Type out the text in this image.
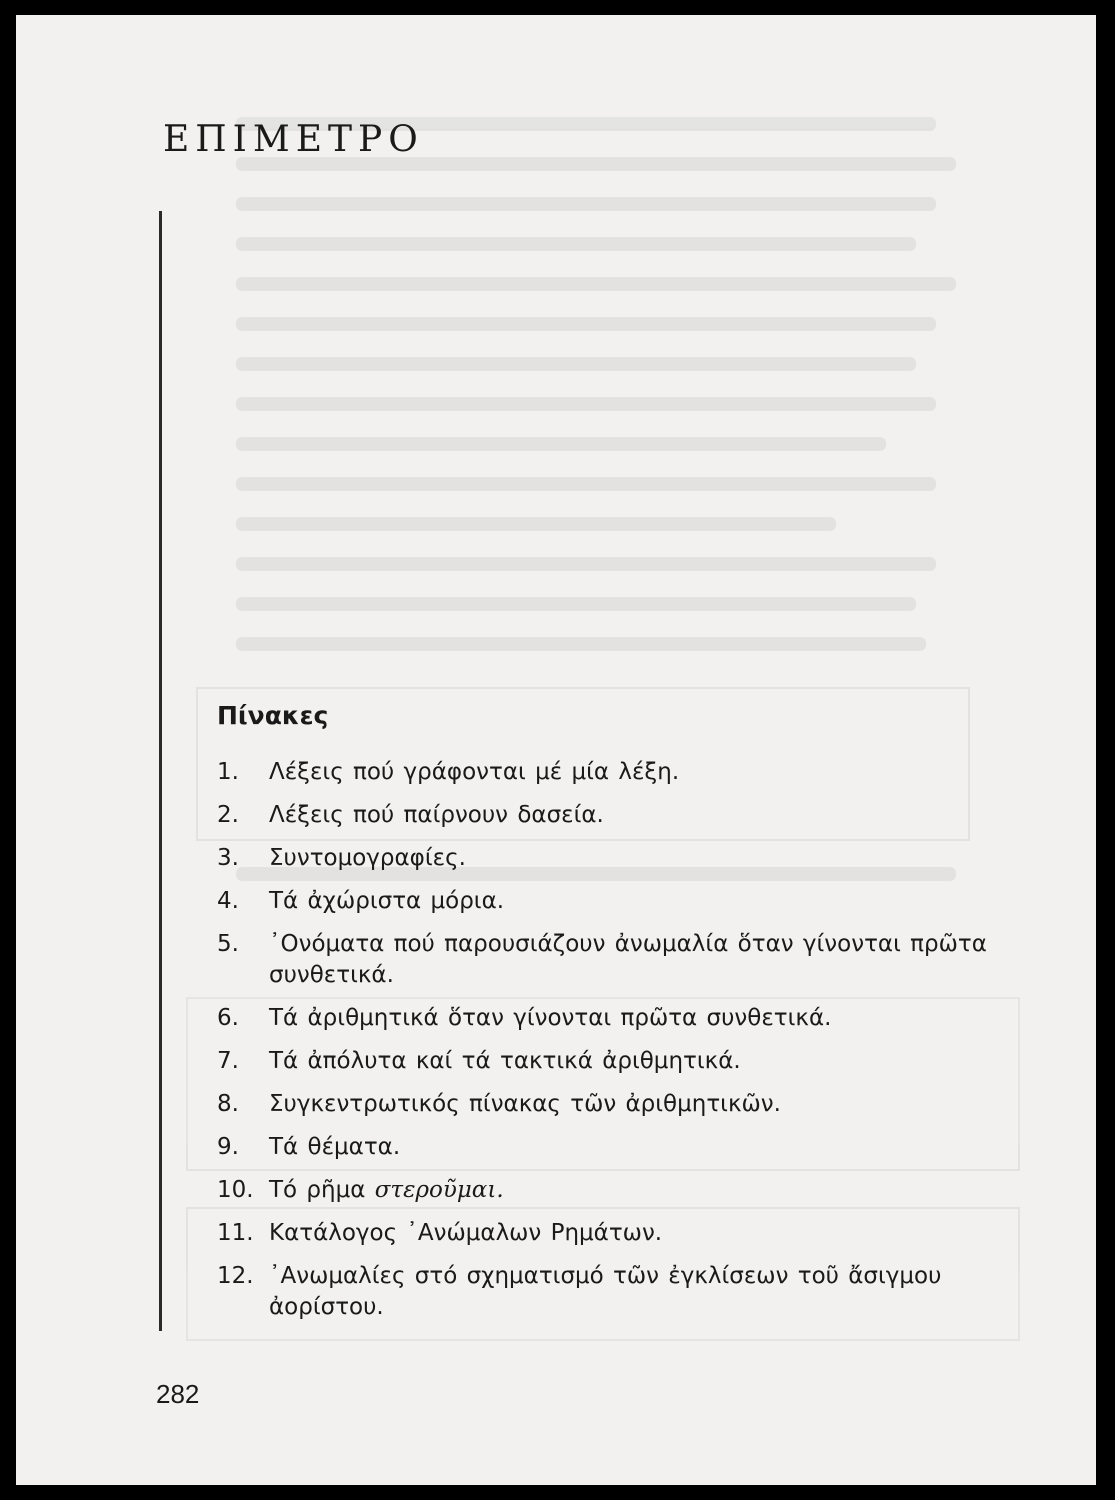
ΕΠΙΜΕΤΡΟ
Πίνακες
1.	Λέξεις πού γράφονται μέ μία λέξη.
2.	Λέξεις πού παίρνουν δασεία.
3.	Συντομογραφίες.
4.	Τά ἀχώριστα μόρια.
5.	᾿Ονόματα πού παρουσιάζουν ἀνωμαλία ὅταν γίνονται πρῶτα συνθετικά.
6.	Τά ἀριθμητικά ὅταν γίνονται πρῶτα συνθετικά.
7.	Τά ἀπόλυτα καί τά τακτικά ἀριθμητικά.
8.	Συγκεντρωτικός πίνακας τῶν ἀριθμητικῶν.
9.	Τά θέματα.
10. Τό ρῆμα στεροῦμαι.
11. Κατάλογος ᾿Ανώμαλων Ρημάτων.
12. ᾿Ανωμαλίες στό σχηματισμό τῶν ἐγκλίσεων τοῦ ἄσιγμου ἀορίστου.
282
